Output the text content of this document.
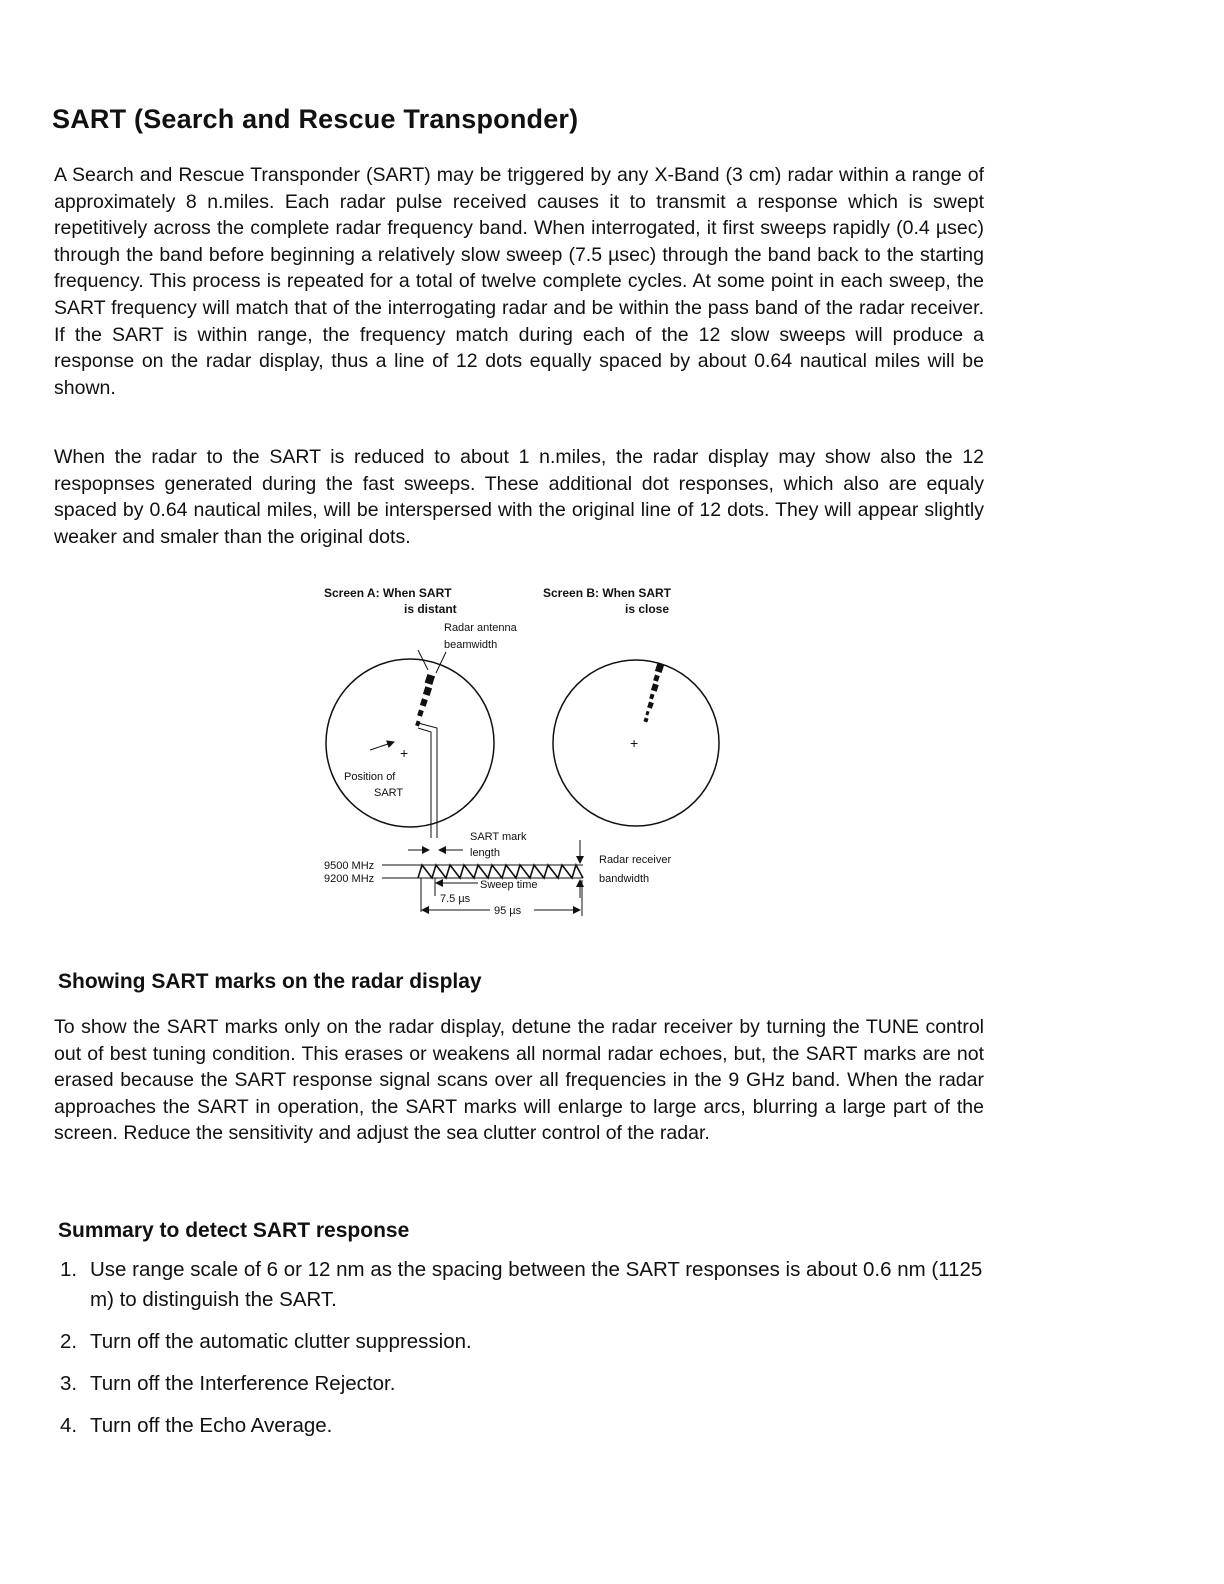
SART (Search and Rescue Transponder)

A Search and Rescue Transponder (SART) may be triggered by any X-Band (3 cm) radar within a range of approximately 8 n.miles. Each radar pulse received causes it to transmit a response which is swept repetitively across the complete radar frequency band. When interrogated, it first sweeps rapidly (0.4 µsec) through the band before beginning a relatively slow sweep (7.5 µsec) through the band back to the starting frequency. This process is repeated for a total of twelve complete cycles. At some point in each sweep, the SART frequency will match that of the interrogating radar and be within the pass band of the radar receiver. If the SART is within range, the frequency match during each of the 12 slow sweeps will produce a response on the radar display, thus a line of 12 dots equally spaced by about 0.64 nautical miles will be shown.

When the radar to the SART is reduced to about 1 n.miles, the radar display may show also the 12 respopnses generated during the fast sweeps. These additional dot responses, which also are equaly spaced by 0.64 nautical miles, will be interspersed with the original line of 12 dots. They will appear slightly weaker and smaler than the original dots.

Screen A: When SART
is distant
Screen B: When SART
is close
Radar antenna
beamwidth
+
Position of
SART
+
SART mark
length
9500 MHz
9200 MHz
Radar receiver
bandwidth
Sweep time
7.5 µs
95 µs
Showing SART marks on the radar display

To show the SART marks only on the radar display, detune the radar receiver by turning the TUNE control out of best tuning condition. This erases or weakens all normal radar echoes, but, the SART marks are not erased because the SART response signal scans over all frequencies in the 9 GHz band. When the radar approaches the SART in operation, the SART marks will enlarge to large arcs, blurring a large part of the screen. Reduce the sensitivity and adjust the sea clutter control of the radar.

Summary to detect SART response
1. Use range scale of 6 or 12 nm as the spacing between the SART responses is about 0.6 nm (1125 m) to distinguish the SART.
2. Turn off the automatic clutter suppression.
3. Turn off the Interference Rejector.
4. Turn off the Echo Average.
